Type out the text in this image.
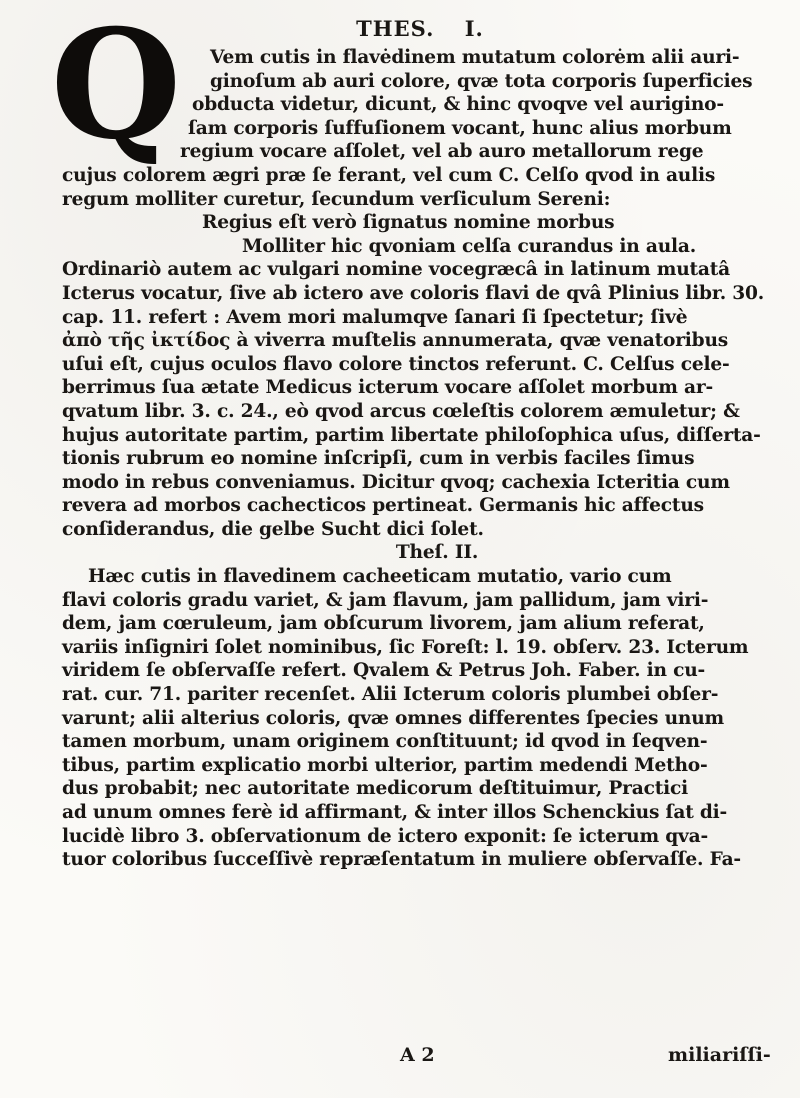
THES. I.
Q	Vem cutis in flavėdinem mutatum colorėm alii auri-
ginoſum ab auri colore, qvæ tota corporis ſuperficies
obducta videtur, dicunt, & hinc qvoqve vel aurigino-
ſam corporis ſuffuſionem vocant, hunc alius morbum
regium vocare aſſolet, vel ab auro metallorum rege
cujus colorem ægri præ ſe ferant, vel cum C. Celſo qvod in aulis
regum molliter curetur, ſecundum verſiculum Sereni:
Regius eſt verò ſignatus nomine morbus
Molliter hic qvoniam celſa curandus in aula.
Ordinariò autem ac vulgari nomine vocegræcâ in latinum mutatâ
Icterus vocatur, ſive ab ictero ave coloris flavi de qvâ Plinius libr. 30.
cap. 11. refert : Avem mori malumqve ſanari ſi ſpectetur; ſivè
ἀπὸ τῆς ἰκτίδος à viverra muſtelis annumerata, qvæ venatoribus
uſui eſt, cujus oculos flavo colore tinctos referunt. C. Celſus cele-
berrimus ſua ætate Medicus icterum vocare aſſolet morbum ar-
qvatum libr. 3. c. 24., eò qvod arcus cœleſtis colorem æmuletur; &
hujus autoritate partim, partim libertate philoſophica uſus, diſſerta-
tionis rubrum eo nomine inſcripſi, cum in verbis faciles ſimus
modo in rebus conveniamus. Dicitur qvoq; cachexia Icteritia cum
revera ad morbos cachecticos pertineat. Germanis hic affectus
conſiderandus, die gelbe Sucht dici ſolet.
Theſ. II.
Hæc cutis in flavedinem cacheeticam mutatio, vario cum
flavi coloris gradu variet, & jam flavum, jam pallidum, jam viri-
dem, jam cœruleum, jam obſcurum livorem, jam alium referat,
variis inſigniri ſolet nominibus, ſic Foreſt: l. 19. obſerv. 23. Icterum
viridem ſe obſervaſſe refert. Qvalem & Petrus Joh. Faber. in cu-
rat. cur. 71. pariter recenſet. Alii Icterum coloris plumbei obſer-
varunt; alii alterius coloris, qvæ omnes differentes ſpecies unum
tamen morbum, unam originem conſtituunt; id qvod in ſeqven-
tibus, partim explicatio morbi ulterior, partim medendi Metho-
dus probabit; nec autoritate medicorum deſtituimur, Practici
ad unum omnes ferè id affirmant, & inter illos Schenckius ſat di-
lucidè libro 3. obſervationum de ictero exponit: ſe icterum qva-
tuor coloribus ſucceſſivè repræſentatum in muliere obſervaſſe. Fa-
A 2	miliariſſi-
